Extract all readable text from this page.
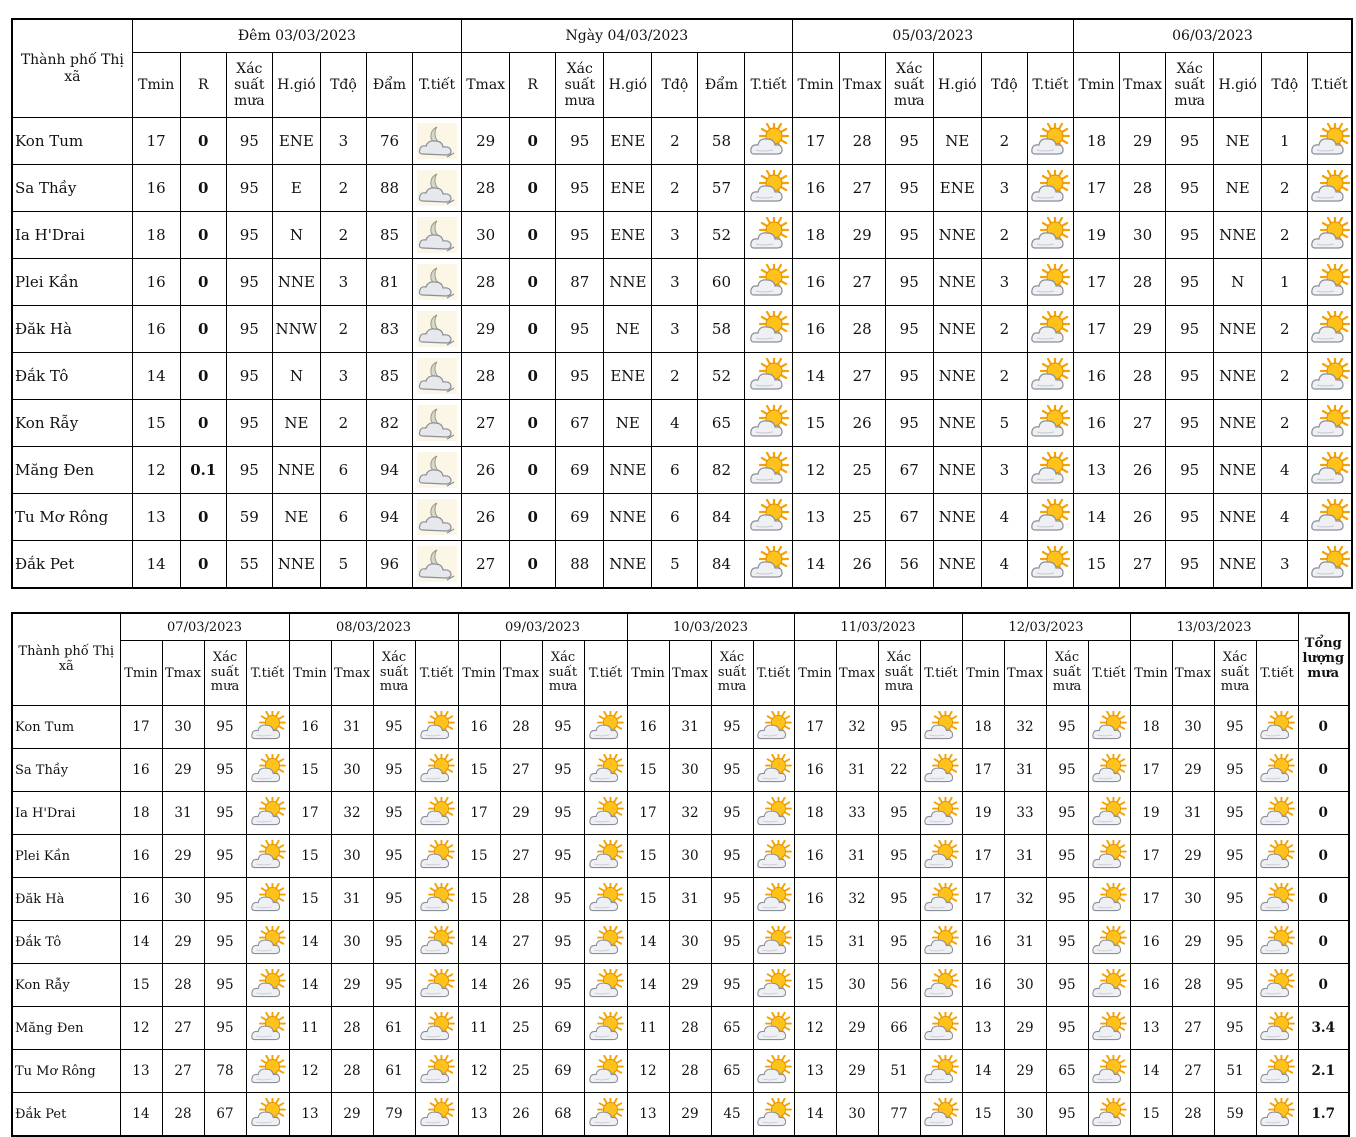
Thành phố Thị xã	Đêm 03/03/2023							Ngày 04/03/2023							05/03/2023						06/03/2023					
	Tmin	R	Xác suất mưa	H.gió	Tđộ	Đẩm	T.tiết	Tmax	R	Xác suất mưa	H.gió	Tđộ	Đẩm	T.tiết	Tmin	Tmax	Xác suất mưa	H.gió	Tđộ	T.tiết	Tmin	Tmax	Xác suất mưa	H.gió	Tđộ	T.tiết
Kon Tum	17	0	95	ENE	3	76		29	0	95	ENE	2	58		17	28	95	NE	2		18	29	95	NE	1	

Sa Thầy	16	0	95	E	2	88		28	0	95	ENE	2	57		16	27	95	ENE	3		17	28	95	NE	2	

Ia H'Drai	18	0	95	N	2	85		30	0	95	ENE	3	52		18	29	95	NNE	2		19	30	95	NNE	2	

Plei Kần	16	0	95	NNE	3	81		28	0	87	NNE	3	60		16	27	95	NNE	3		17	28	95	N	1	

Đăk Hà	16	0	95	NNW	2	83		29	0	95	NE	3	58		16	28	95	NNE	2		17	29	95	NNE	2	

Đắk Tô	14	0	95	N	3	85		28	0	95	ENE	2	52		14	27	95	NNE	2		16	28	95	NNE	2	

Kon Rẫy	15	0	95	NE	2	82		27	0	67	NE	4	65		15	26	95	NNE	5		16	27	95	NNE	2	

Măng Đen	12	0.1	95	NNE	6	94		26	0	69	NNE	6	82		12	25	67	NNE	3		13	26	95	NNE	4	

Tu Mơ Rông	13	0	59	NE	6	94		26	0	69	NNE	6	84		13	25	67	NNE	4		14	26	95	NNE	4	

Đắk Pet	14	0	55	NNE	5	96		27	0	88	NNE	5	84		14	26	56	NNE	4		15	27	95	NNE	3	
Thành phố Thị xã	07/03/2023				08/03/2023				09/03/2023				10/03/2023				11/03/2023				12/03/2023				13/03/2023				Tổng lượng mưa
	Tmin	Tmax	Xác suất mưa	T.tiết	Tmin	Tmax	Xác suất mưa	T.tiết	Tmin	Tmax	Xác suất mưa	T.tiết	Tmin	Tmax	Xác suất mưa	T.tiết	Tmin	Tmax	Xác suất mưa	T.tiết	Tmin	Tmax	Xác suất mưa	T.tiết	Tmin	Tmax	Xác suất mưa	T.tiết	
Kon Tum	17	30	95		16	31	95		16	28	95		16	31	95		17	32	95		18	32	95		18	30	95		0
Sa Thầy	16	29	95		15	30	95		15	27	95		15	30	95		16	31	22		17	31	95		17	29	95		0
Ia H'Drai	18	31	95		17	32	95		17	29	95		17	32	95		18	33	95		19	33	95		19	31	95		0
Plei Kần	16	29	95		15	30	95		15	27	95		15	30	95		16	31	95		17	31	95		17	29	95		0
Đăk Hà	16	30	95		15	31	95		15	28	95		15	31	95		16	32	95		17	32	95		17	30	95		0
Đắk Tô	14	29	95		14	30	95		14	27	95		14	30	95		15	31	95		16	31	95		16	29	95		0
Kon Rẫy	15	28	95		14	29	95		14	26	95		14	29	95		15	30	56		16	30	95		16	28	95		0
Măng Đen	12	27	95		11	28	61		11	25	69		11	28	65		12	29	66		13	29	95		13	27	95		3.4
Tu Mơ Rông	13	27	78		12	28	61		12	25	69		12	28	65		13	29	51		14	29	65		14	27	51		2.1
Đắk Pet	14	28	67		13	29	79		13	26	68		13	29	45		14	30	77		15	30	95		15	28	59		1.7
